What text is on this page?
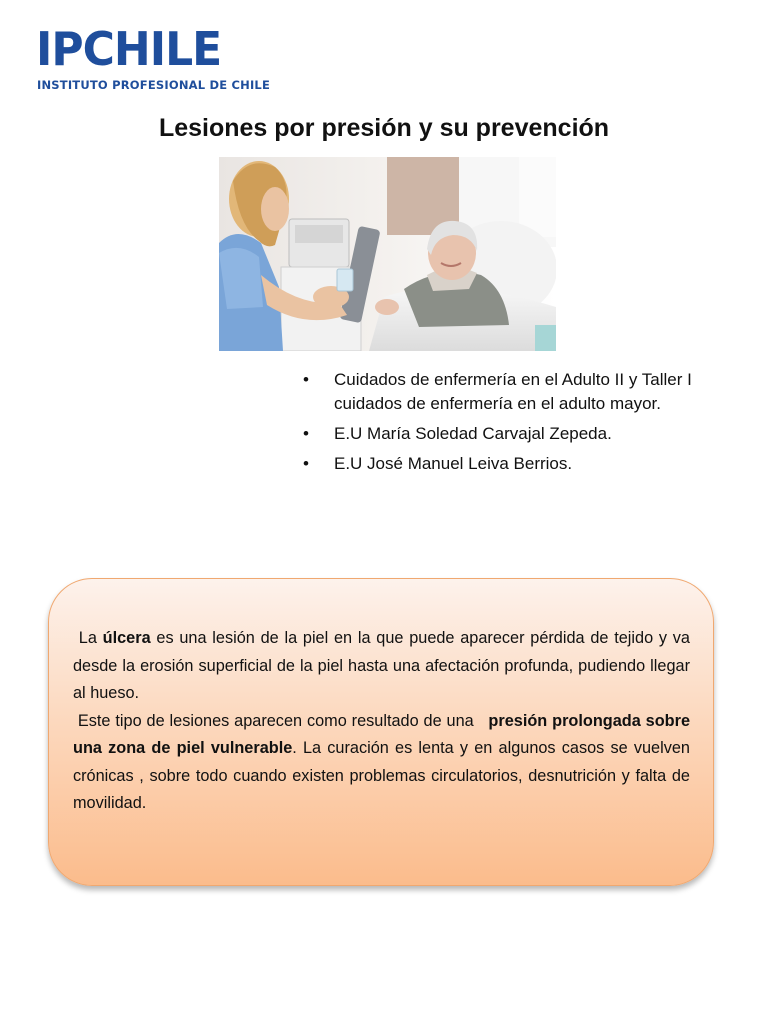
IPCHILE
INSTITUTO PROFESIONAL DE CHILE
Lesiones por presión y su prevención
• Cuidados de enfermería en el Adulto II y Taller I cuidados de enfermería en el adulto mayor.
• E.U María Soledad Carvajal Zepeda.
• E.U José Manuel Leiva Berrios.

La úlcera es una lesión de la piel en la que puede aparecer pérdida de tejido y va desde la erosión superficial de la piel hasta una afectación profunda, pudiendo llegar al hueso.

Este tipo de lesiones aparecen como resultado de una presión prolongada sobre una zona de piel vulnerable. La curación es lenta y en algunos casos se vuelven crónicas , sobre todo cuando existen problemas circulatorios, desnutrición y falta de movilidad.
